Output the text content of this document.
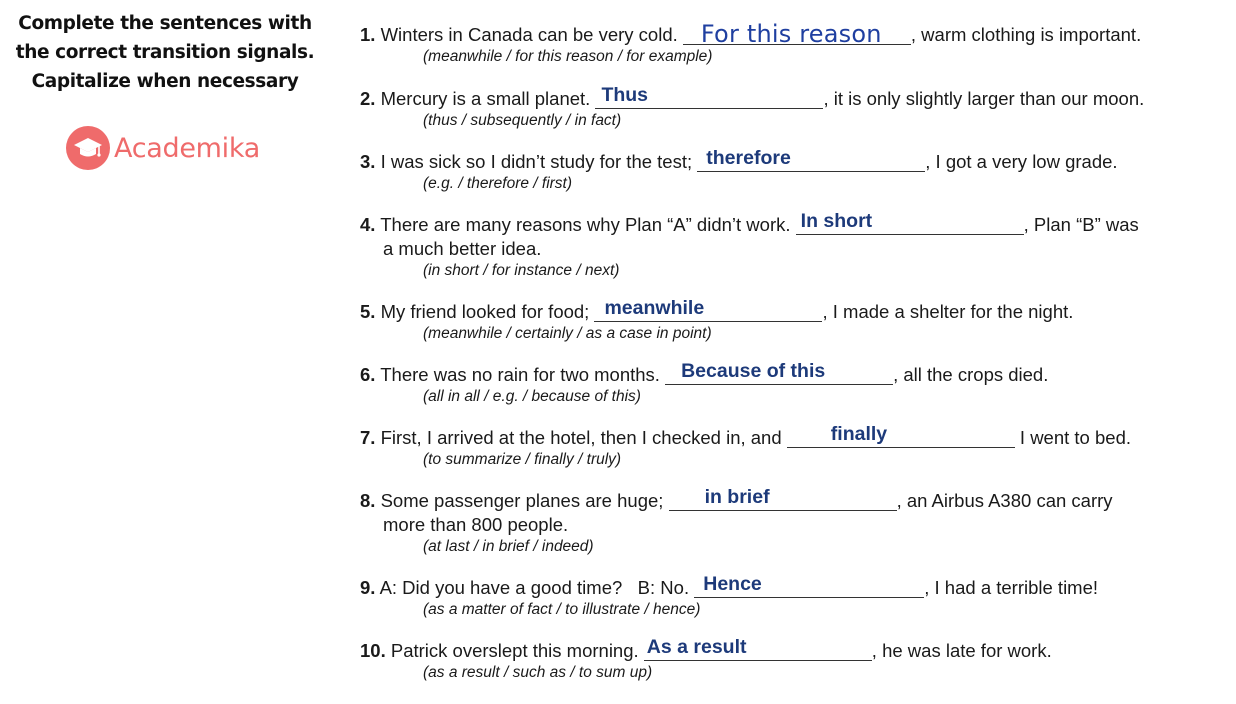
Complete the sentences with
the correct transition signals.
Capitalize when necessary
Academika
1. Winters in Canada can be very cold. For this reason , warm clothing is important.
(meanwhile / for this reason / for example)
2. Mercury is a small planet. Thus	, it is only slightly larger than our moon.
(thus / subsequently / in fact)
3. I was sick so I didn’t study for the test; therefore	, I got a very low grade.
(e.g. / therefore / first)
4. There are many reasons why Plan “A” didn’t work. In short	, Plan “B” was
a much better idea.
(in short / for instance / next)
5. My friend looked for food; meanwhile	, I made a shelter for the night.
(meanwhile / certainly / as a case in point)
6. There was no rain for two months. Because of this	, all the crops died.
(all in all / e.g. / because of this)
7. First, I arrived at the hotel, then I checked in, and	finally	I went to bed.
(to summarize / finally / truly)
8. Some passenger planes are huge; in brief	, an Airbus A380 can carry
more than 800 people.
(at last / in brief / indeed)
9. A: Did you have a good time?   B: No. Hence	, I had a terrible time!
(as a matter of fact / to illustrate / hence)
10. Patrick overslept this morning. As a result	, he was late for work.
(as a result / such as / to sum up)
